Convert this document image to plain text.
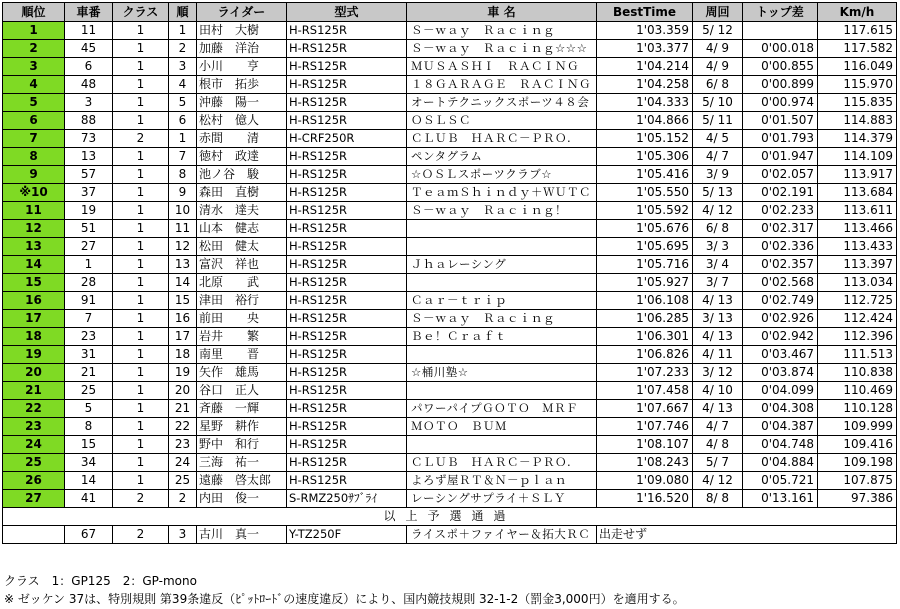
順位	車番	クラス	順	ライダー	型式	車 名	BestTime	周回	トップ差	Km/h
1	11	1	1	田村　大樹	H-RS125R	Ｓ－ｗａｙ　Ｒａｃｉｎｇ	1'03.359	5/ 12		117.615
2	45	1	2	加藤　洋治	H-RS125R	Ｓ－ｗａｙ　Ｒａｃｉｎｇ☆☆☆	1'03.377	4/ 9	0'00.018	117.582
3	6	1	3	小川　　亨	H-RS125R	ＭＵＳＡＳＨＩ　ＲＡＣＩＮＧ	1'04.214	4/ 9	0'00.855	116.049
4	48	1	4	根市　拓歩	H-RS125R	１８ＧＡＲＡＧＥ　ＲＡＣＩＮＧ	1'04.258	6/ 8	0'00.899	115.970
5	3	1	5	沖藤　陽一	H-RS125R	オートテクニックスポーツ４８会	1'04.333	5/ 10	0'00.974	115.835
6	88	1	6	松村　億人	H-RS125R	ＯＳＬＳＣ	1'04.866	5/ 11	0'01.507	114.883
7	73	2	1	赤間　　清	H-CRF250R	ＣＬＵＢ　ＨＡＲＣ－ＰＲＯ.	1'05.152	4/ 5	0'01.793	114.379
8	13	1	7	徳村　政達	H-RS125R	ペンタグラム	1'05.306	4/ 7	0'01.947	114.109
9	57	1	8	池ノ谷　駿	H-RS125R	☆ＯＳＬスポーツクラブ☆	1'05.416	3/ 9	0'02.057	113.917
※10	37	1	9	森田　直樹	H-RS125R	ＴｅａｍＳｈｉｎｄｙ＋ＷＵＴＣ	1'05.550	5/ 13	0'02.191	113.684
11	19	1	10	清水　達夫	H-RS125R	Ｓ－ｗａｙ　Ｒａｃｉｎｇ！	1'05.592	4/ 12	0'02.233	113.611
12	51	1	11	山本　健志	H-RS125R		1'05.676	6/ 8	0'02.317	113.466
13	27	1	12	松田　健太	H-RS125R		1'05.695	3/ 3	0'02.336	113.433
14	1	1	13	富沢　祥也	H-RS125R	Ｊｈａレーシング	1'05.716	3/ 4	0'02.357	113.397
15	28	1	14	北原　　武	H-RS125R		1'05.927	3/ 7	0'02.568	113.034
16	91	1	15	津田　裕行	H-RS125R	Ｃａｒ－ｔｒｉｐ	1'06.108	4/ 13	0'02.749	112.725
17	7	1	16	前田　　央	H-RS125R	Ｓ－ｗａｙ　Ｒａｃｉｎｇ	1'06.285	3/ 13	0'02.926	112.424
18	23	1	17	岩井　　繁	H-RS125R	Ｂｅ！Ｃｒａｆｔ	1'06.301	4/ 13	0'02.942	112.396
19	31	1	18	南里　　晋	H-RS125R		1'06.826	4/ 11	0'03.467	111.513
20	21	1	19	矢作　雄馬	H-RS125R	☆桶川塾☆	1'07.233	3/ 12	0'03.874	110.838
21	25	1	20	谷口　正人	H-RS125R		1'07.458	4/ 10	0'04.099	110.469
22	5	1	21	斉藤　一輝	H-RS125R	パワーパイプＧＯＴＯ　ＭＲＦ	1'07.667	4/ 13	0'04.308	110.128
23	8	1	22	星野　耕作	H-RS125R	ＭＯＴＯ　ＢＵＭ	1'07.746	4/ 7	0'04.387	109.999
24	15	1	23	野中　和行	H-RS125R		1'08.107	4/ 8	0'04.748	109.416
25	34	1	24	三海　祐一	H-RS125R	ＣＬＵＢ　ＨＡＲＣ－ＰＲＯ.	1'08.243	5/ 7	0'04.884	109.198
26	14	1	25	遠藤　啓太郎	H-RS125R	よろず屋ＲＴ＆Ｎ－ｐｌａｎ	1'09.080	4/ 12	0'05.721	107.875
27	41	2	2	内田　俊一	S-RMZ250ｻﾌﾞﾗｲ	レーシングサプライ＋ＳＬＹ	1'16.520	8/ 8	0'13.161	97.386
以上予選通過										
	67	2	3	古川　真一	Y-TZ250F	ライスポ＋ファイヤー＆拓大ＲＣ	出走せず			
クラス　1：GP125　2：GP-mono
※ ゼッケン 37は、特別規則 第39条違反（ﾋﾟｯﾄﾛｰﾄﾞの速度違反）により、国内競技規則 32-1-2（罰金3,000円）を適用する。
